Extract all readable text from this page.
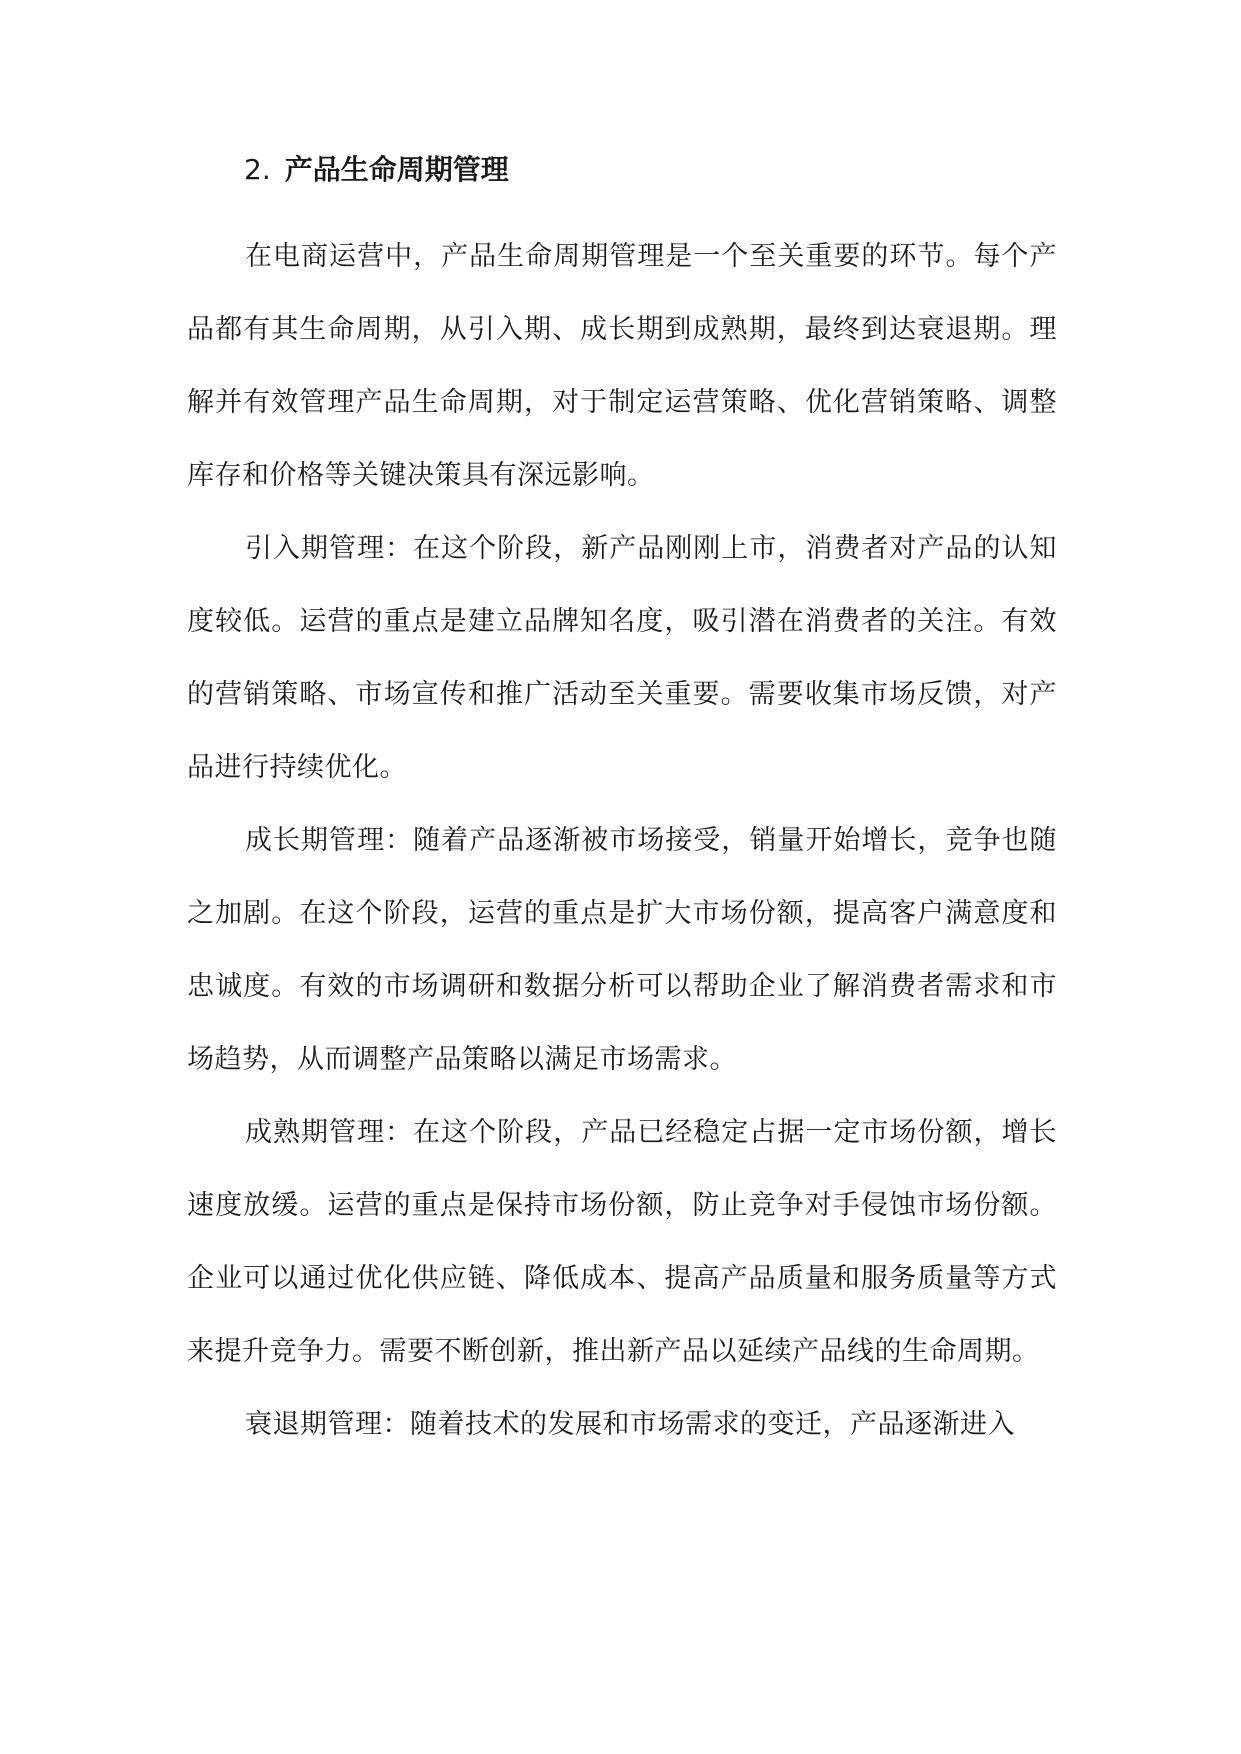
2. 产品生命周期管理

在电商运营中，产品生命周期管理是一个至关重要的环节。每个产品都有其生命周期，从引入期、成长期到成熟期，最终到达衰退期。理解并有效管理产品生命周期，对于制定运营策略、优化营销策略、调整库存和价格等关键决策具有深远影响。

引入期管理：在这个阶段，新产品刚刚上市，消费者对产品的认知度较低。运营的重点是建立品牌知名度，吸引潜在消费者的关注。有效的营销策略、市场宣传和推广活动至关重要。需要收集市场反馈，对产品进行持续优化。

成长期管理：随着产品逐渐被市场接受，销量开始增长，竞争也随之加剧。在这个阶段，运营的重点是扩大市场份额，提高客户满意度和忠诚度。有效的市场调研和数据分析可以帮助企业了解消费者需求和市场趋势，从而调整产品策略以满足市场需求。

成熟期管理：在这个阶段，产品已经稳定占据一定市场份额，增长速度放缓。运营的重点是保持市场份额，防止竞争对手侵蚀市场份额。企业可以通过优化供应链、降低成本、提高产品质量和服务质量等方式来提升竞争力。需要不断创新，推出新产品以延续产品线的生命周期。

衰退期管理：随着技术的发展和市场需求的变迁，产品逐渐进入
